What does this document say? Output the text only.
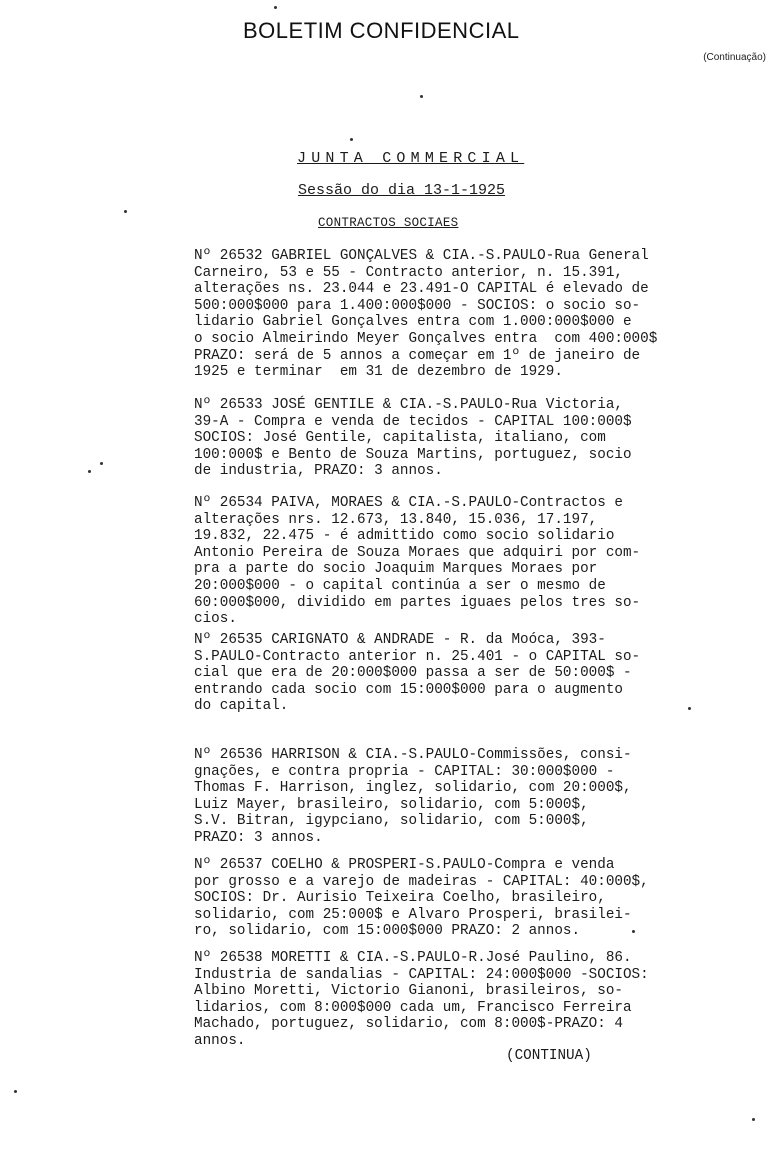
BOLETIM CONFIDENCIAL
(Continuação)
JUNTA COMMERCIAL
Sessão do dia 13-1-1925
CONTRACTOS SOCIAES
Nº 26532 GABRIEL GONÇALVES & CIA.-S.PAULO-Rua General
Carneiro, 53 e 55 - Contracto anterior, n. 15.391,
alterações ns. 23.044 e 23.491-O CAPITAL é elevado de
500:000$000 para 1.400:000$000 - SOCIOS: o socio so-
lidario Gabriel Gonçalves entra com 1.000:000$000 e
o socio Almeirindo Meyer Gonçalves entra  com 400:000$
PRAZO: será de 5 annos a começar em 1º de janeiro de
1925 e terminar  em 31 de dezembro de 1929.
Nº 26533 JOSÉ GENTILE & CIA.-S.PAULO-Rua Victoria,
39-A - Compra e venda de tecidos - CAPITAL 100:000$
SOCIOS: José Gentile, capitalista, italiano, com
100:000$ e Bento de Souza Martins, portuguez, socio
de industria, PRAZO: 3 annos.
Nº 26534 PAIVA, MORAES & CIA.-S.PAULO-Contractos e
alterações nrs. 12.673, 13.840, 15.036, 17.197,
19.832, 22.475 - é admittido como socio solidario
Antonio Pereira de Souza Moraes que adquiri por com-
pra a parte do socio Joaquim Marques Moraes por
20:000$000 - o capital continúa a ser o mesmo de
60:000$000, dividido em partes iguaes pelos tres so-
cios.
Nº 26535 CARIGNATO & ANDRADE - R. da Moóca, 393-
S.PAULO-Contracto anterior n. 25.401 - o CAPITAL so-
cial que era de 20:000$000 passa a ser de 50:000$ -
entrando cada socio com 15:000$000 para o augmento
do capital.
Nº 26536 HARRISON & CIA.-S.PAULO-Commissões, consi-
gnações, e contra propria - CAPITAL: 30:000$000 -
Thomas F. Harrison, inglez, solidario, com 20:000$,
Luiz Mayer, brasileiro, solidario, com 5:000$,
S.V. Bitran, igypciano, solidario, com 5:000$,
PRAZO: 3 annos.
Nº 26537 COELHO & PROSPERI-S.PAULO-Compra e venda
por grosso e a varejo de madeiras - CAPITAL: 40:000$,
SOCIOS: Dr. Aurisio Teixeira Coelho, brasileiro,
solidario, com 25:000$ e Alvaro Prosperi, brasilei-
ro, solidario, com 15:000$000 PRAZO: 2 annos.
Nº 26538 MORETTI & CIA.-S.PAULO-R.José Paulino, 86.
Industria de sandalias - CAPITAL: 24:000$000 -SOCIOS:
Albino Moretti, Victorio Gianoni, brasileiros, so-
lidarios, com 8:000$000 cada um, Francisco Ferreira
Machado, portuguez, solidario, com 8:000$-PRAZO: 4
annos.
(CONTINUA)
